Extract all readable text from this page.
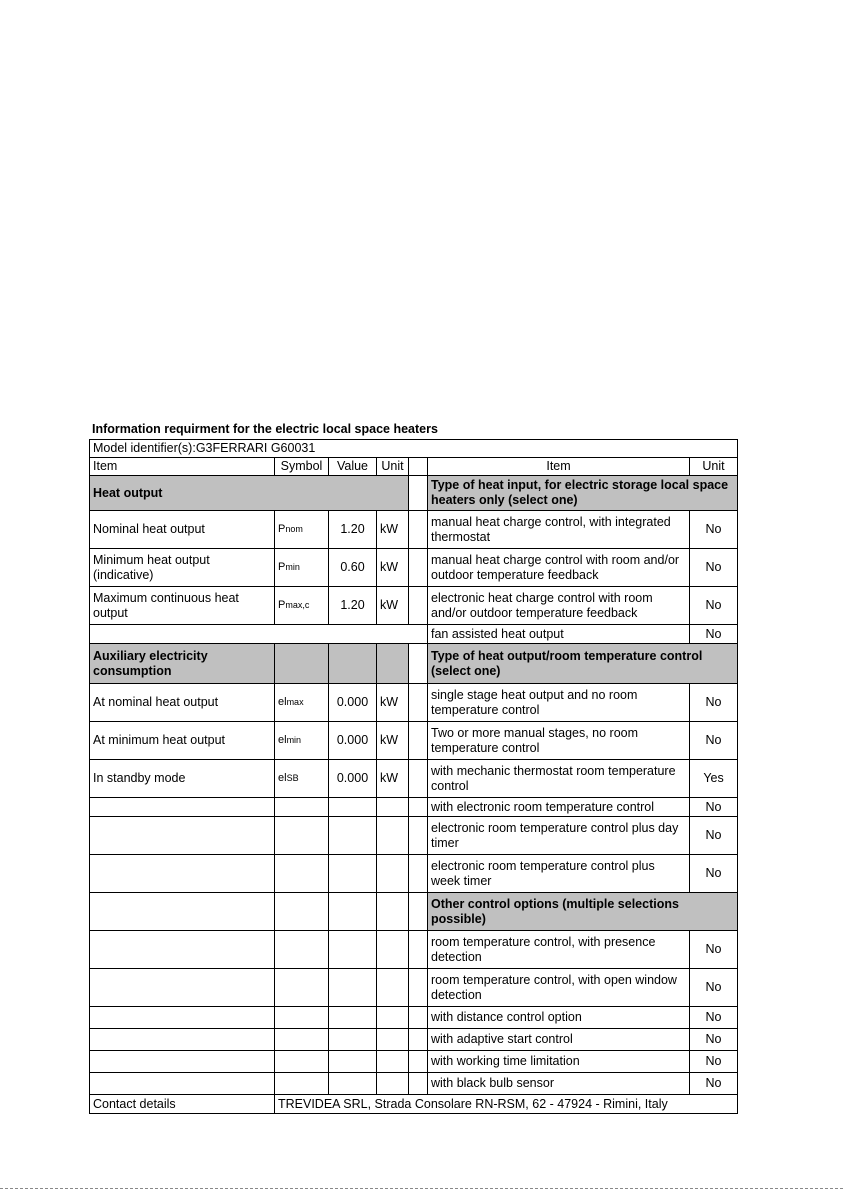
Information requirment for the electric local space heaters
Model identifier(s):G3FERRARI G60031						
Item	Symbol	Value	Unit		Item	Unit
Heat output					Type of heat input, for electric storage local space heaters only (select one)	
Nominal heat output	Pnom	1.20	kW		manual heat charge control, with integrated thermostat	No
Minimum heat output (indicative)	Pmin	0.60	kW		manual heat charge control with room and/or outdoor temperature feedback	No
Maximum continuous heat output	Pmax,c	1.20	kW		electronic heat charge control with room and/or outdoor temperature feedback	No
					fan assisted heat output	No
Auxiliary electricity consumption					Type of heat output/room temperature control (select one)	
At nominal heat output	elmax	0.000	kW		single stage heat output and no room temperature control	No
At minimum heat output	elmin	0.000	kW		Two or more manual stages, no room temperature control	No
In standby mode	elSB	0.000	kW		with mechanic thermostat room temperature control	Yes
					with electronic room temperature control	No
					electronic room temperature control plus day timer	No
					electronic room temperature control plus week timer	No
					Other control options (multiple selections possible)	
					room temperature control, with presence detection	No
					room temperature control, with open window detection	No
					with distance control option	No
					with adaptive start control	No
					with working time limitation	No
					with black bulb sensor	No
Contact details	TREVIDEA SRL, Strada Consolare RN-RSM, 62 - 47924 - Rimini, Italy					
